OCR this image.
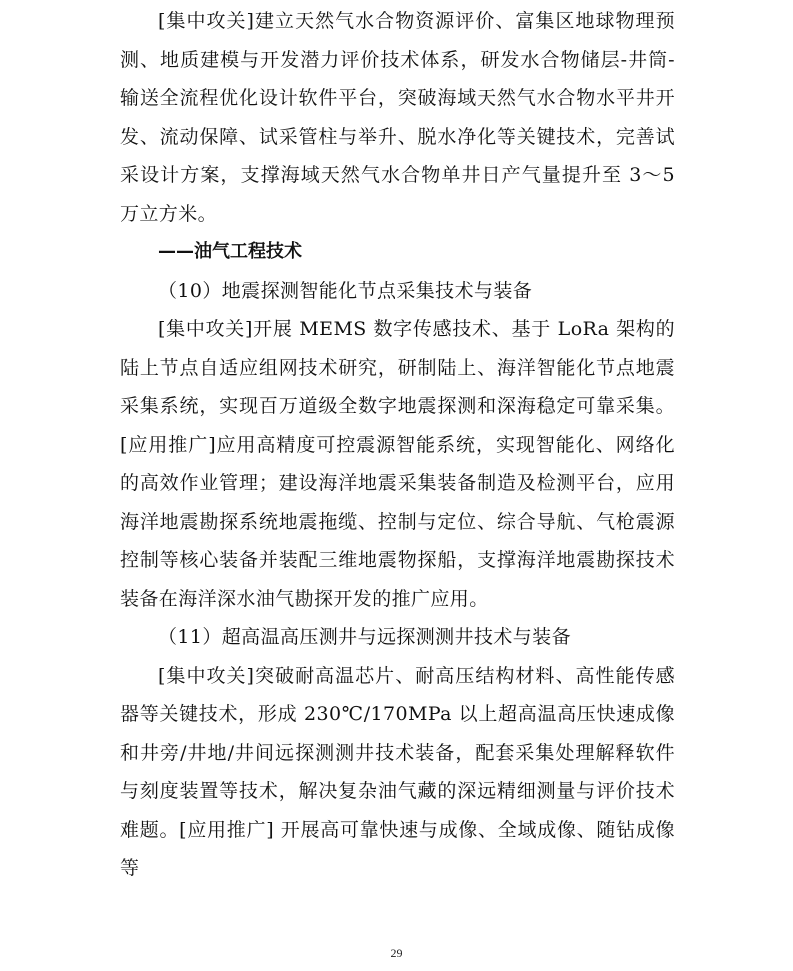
[集中攻关]建立天然气水合物资源评价、富集区地球物理预测、地质建模与开发潜力评价技术体系，研发水合物储层-井筒-输送全流程优化设计软件平台，突破海域天然气水合物水平井开发、流动保障、试采管柱与举升、脱水净化等关键技术，完善试采设计方案，支撑海域天然气水合物单井日产气量提升至 3～5万立方米。

——油气工程技术

（10）地震探测智能化节点采集技术与装备

[集中攻关]开展 MEMS 数字传感技术、基于 LoRa 架构的陆上节点自适应组网技术研究，研制陆上、海洋智能化节点地震采集系统，实现百万道级全数字地震探测和深海稳定可靠采集。[应用推广]应用高精度可控震源智能系统，实现智能化、网络化的高效作业管理；建设海洋地震采集装备制造及检测平台，应用海洋地震勘探系统地震拖缆、控制与定位、综合导航、气枪震源控制等核心装备并装配三维地震物探船，支撑海洋地震勘探技术装备在海洋深水油气勘探开发的推广应用。

（11）超高温高压测井与远探测测井技术与装备

[集中攻关]突破耐高温芯片、耐高压结构材料、高性能传感器等关键技术，形成 230℃/170MPa 以上超高温高压快速成像和井旁/井地/井间远探测测井技术装备，配套采集处理解释软件与刻度装置等技术，解决复杂油气藏的深远精细测量与评价技术难题。[应用推广] 开展高可靠快速与成像、全域成像、随钻成像等

29
